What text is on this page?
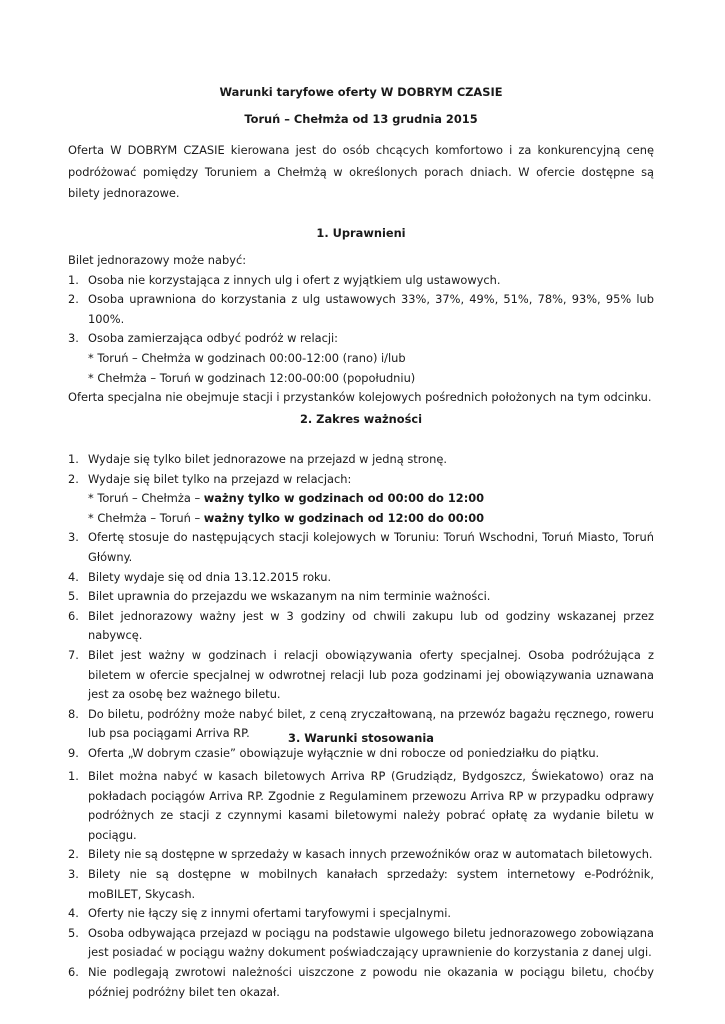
Warunki taryfowe oferty W DOBRYM CZASIE
Toruń – Chełmża od 13 grudnia 2015

Oferta W DOBRYM CZASIE kierowana jest do osób chcących komfortowo i za konkurencyjną cenę podróżować pomiędzy Toruniem a Chełmżą w określonych porach dniach. W ofercie dostępne są bilety jednorazowe.

1. Uprawnieni
Bilet jednorazowy może nabyć:
1. Osoba nie korzystająca z innych ulg i ofert z wyjątkiem ulg ustawowych.
2. Osoba uprawniona do korzystania z ulg ustawowych 33%, 37%, 49%, 51%, 78%, 93%, 95% lub 100%.
3. Osoba zamierzająca odbyć podróż w relacji:
* Toruń – Chełmża w godzinach 00:00-12:00 (rano) i/lub
* Chełmża – Toruń w godzinach 12:00-00:00 (popołudniu)
Oferta specjalna nie obejmuje stacji i przystanków kolejowych pośrednich położonych na tym odcinku.
2. Zakres ważności
1. Wydaje się tylko bilet jednorazowe na przejazd w jedną stronę.
2. Wydaje się bilet tylko na przejazd w relacjach:
* Toruń – Chełmża – ważny tylko w godzinach od 00:00 do 12:00
* Chełmża – Toruń – ważny tylko w godzinach od 12:00 do 00:00
3. Ofertę stosuje do następujących stacji kolejowych w Toruniu: Toruń Wschodni, Toruń Miasto, Toruń Główny.
4. Bilety wydaje się od dnia 13.12.2015 roku.
5. Bilet uprawnia do przejazdu we wskazanym na nim terminie ważności.
6. Bilet jednorazowy ważny jest w 3 godziny od chwili zakupu lub od godziny wskazanej przez nabywcę.
7. Bilet jest ważny w godzinach i relacji obowiązywania oferty specjalnej. Osoba podróżująca z biletem w ofercie specjalnej w odwrotnej relacji lub poza godzinami jej obowiązywania uznawana jest za osobę bez ważnego biletu.
8. Do biletu, podróżny może nabyć bilet, z ceną zryczałtowaną, na przewóz bagażu ręcznego, roweru lub psa pociągami Arriva RP.
9. Oferta „W dobrym czasie” obowiązuje wyłącznie w dni robocze od poniedziałku do piątku.
3. Warunki stosowania
1. Bilet można nabyć w kasach biletowych Arriva RP (Grudziądz, Bydgoszcz, Świekatowo) oraz na pokładach pociągów Arriva RP. Zgodnie z Regulaminem przewozu Arriva RP w przypadku odprawy podróżnych ze stacji z czynnymi kasami biletowymi należy pobrać opłatę za wydanie biletu w pociągu.
2. Bilety nie są dostępne w sprzedaży w kasach innych przewoźników oraz w automatach biletowych.
3. Bilety nie są dostępne w mobilnych kanałach sprzedaży: system internetowy e-Podróżnik, moBILET, Skycash.
4. Oferty nie łączy się z innymi ofertami taryfowymi i specjalnymi.
5. Osoba odbywająca przejazd w pociągu na podstawie ulgowego biletu jednorazowego zobowiązana jest posiadać w pociągu ważny dokument poświadczający uprawnienie do korzystania z danej ulgi.
6. Nie podlegają zwrotowi należności uiszczone z powodu nie okazania w pociągu biletu, choćby później podróżny bilet ten okazał.
